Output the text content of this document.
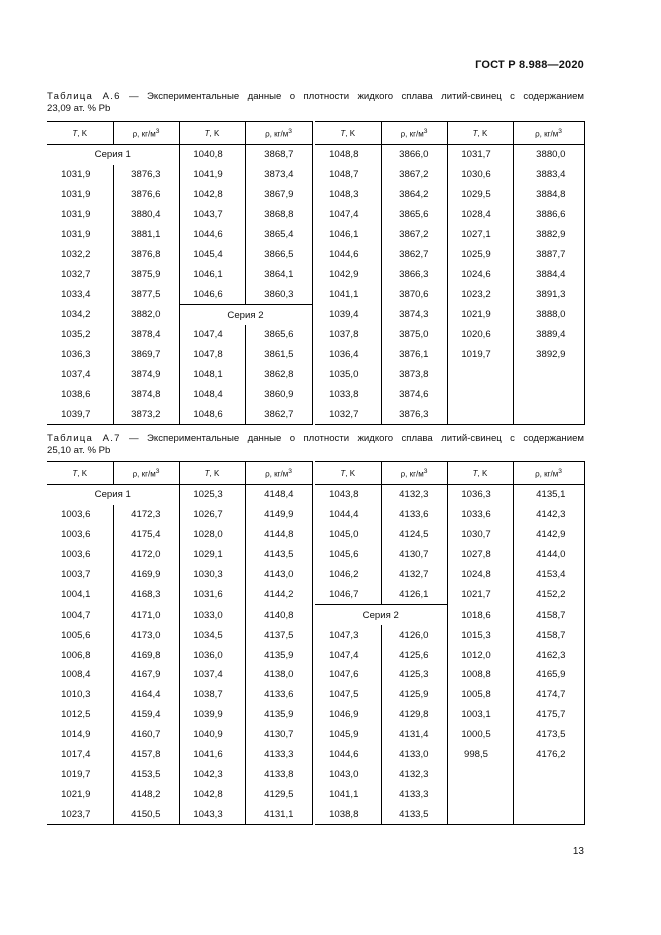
ГОСТ Р 8.988—2020
Таблица А.6 — Экспериментальные данные о плотности жидкого сплава литий-свинец с содержанием
23,09 ат. % Pb
T, K	ρ, $кг/м^3$	T, K	ρ, $кг/м^3$		T, K	ρ, $кг/м^3$	T, K	ρ, $кг/м^3$
Серия 1		1040,8	3868,7		1048,8	3866,0	1031,7	3880,0
1031,9	3876,3	1041,9	3873,4		1048,7	3867,2	1030,6	3883,4
1031,9	3876,6	1042,8	3867,9		1048,3	3864,2	1029,5	3884,8
1031,9	3880,4	1043,7	3868,8		1047,4	3865,6	1028,4	3886,6
1031,9	3881,1	1044,6	3865,4		1046,1	3867,2	1027,1	3882,9
1032,2	3876,8	1045,4	3866,5		1044,6	3862,7	1025,9	3887,7
1032,7	3875,9	1046,1	3864,1		1042,9	3866,3	1024,6	3884,4
1033,4	3877,5	1046,6	3860,3		1041,1	3870,6	1023,2	3891,3
1034,2	3882,0	Серия 2			1039,4	3874,3	1021,9	3888,0
1035,2	3878,4	1047,4	3865,6		1037,8	3875,0	1020,6	3889,4
1036,3	3869,7	1047,8	3861,5		1036,4	3876,1	1019,7	3892,9
1037,4	3874,9	1048,1	3862,8		1035,0	3873,8		
1038,6	3874,8	1048,4	3860,9		1033,8	3874,6		
1039,7	3873,2	1048,6	3862,7		1032,7	3876,3		
Таблица А.7 — Экспериментальные данные о плотности жидкого сплава литий-свинец с содержанием
25,10 ат. % Pb
T, K	ρ, $кг/м^3$	T, K	ρ, $кг/м^3$		T, K	ρ, $кг/м^3$	T, K	ρ, $кг/м^3$
Серия 1		1025,3	4148,4		1043,8	4132,3	1036,3	4135,1
1003,6	4172,3	1026,7	4149,9		1044,4	4133,6	1033,6	4142,3
1003,6	4175,4	1028,0	4144,8		1045,0	4124,5	1030,7	4142,9
1003,6	4172,0	1029,1	4143,5		1045,6	4130,7	1027,8	4144,0
1003,7	4169,9	1030,3	4143,0		1046,2	4132,7	1024,8	4153,4
1004,1	4168,3	1031,6	4144,2		1046,7	4126,1	1021,7	4152,2
1004,7	4171,0	1033,0	4140,8		Серия 2		1018,6	4158,7
1005,6	4173,0	1034,5	4137,5		1047,3	4126,0	1015,3	4158,7
1006,8	4169,8	1036,0	4135,9		1047,4	4125,6	1012,0	4162,3
1008,4	4167,9	1037,4	4138,0		1047,6	4125,3	1008,8	4165,9
1010,3	4164,4	1038,7	4133,6		1047,5	4125,9	1005,8	4174,7
1012,5	4159,4	1039,9	4135,9		1046,9	4129,8	1003,1	4175,7
1014,9	4160,7	1040,9	4130,7		1045,9	4131,4	1000,5	4173,5
1017,4	4157,8	1041,6	4133,3		1044,6	4133,0	998,5	4176,2
1019,7	4153,5	1042,3	4133,8		1043,0	4132,3		
1021,9	4148,2	1042,8	4129,5		1041,1	4133,3		
1023,7	4150,5	1043,3	4131,1		1038,8	4133,5		
13
